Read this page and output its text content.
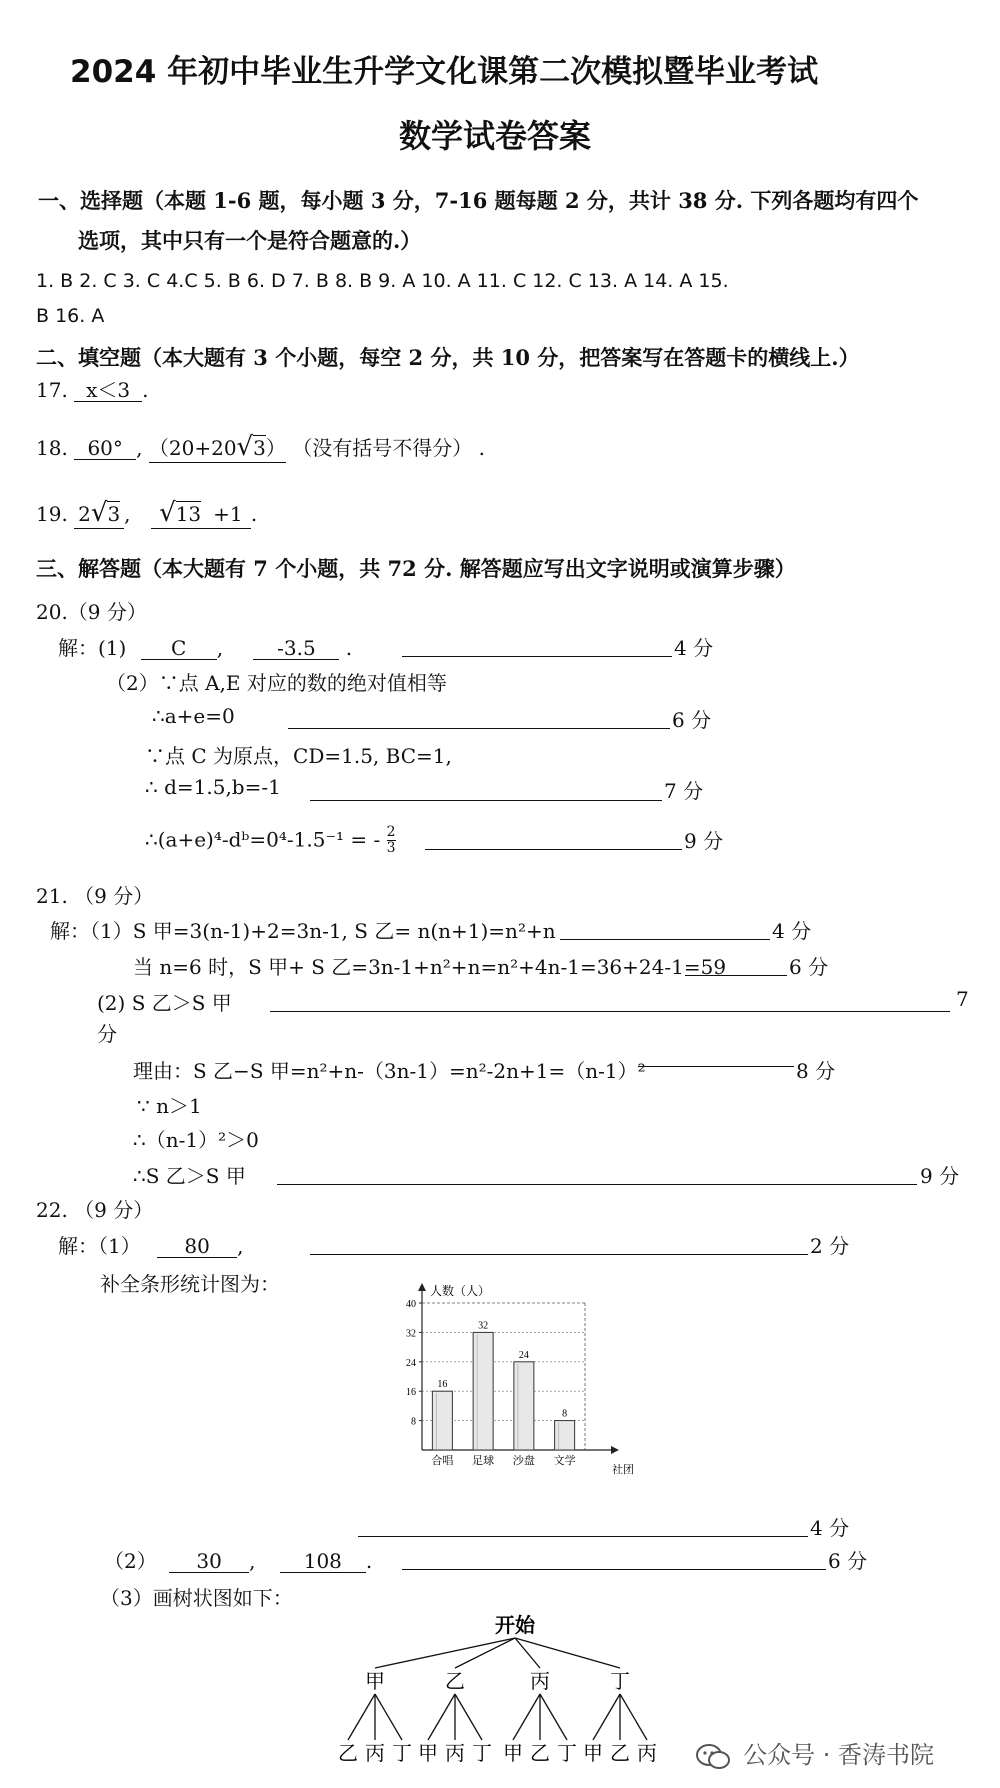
2024 年初中毕业生升学文化课第二次模拟暨毕业考试
数学试卷答案
一、选择题（本题 1-6 题，每小题 3 分，7-16 题每题 2 分，共计 38 分. 下列各题均有四个
选项，其中只有一个是符合题意的.）
1. B 2. C 3. C 4.C 5. B 6. D 7. B 8. B 9. A 10. A 11. C 12. C 13. A 14. A 15.
B 16. A
二、填空题（本大题有 3 个小题，每空 2 分，共 10 分，把答案写在答题卡的横线上.）
17. x＜3 .
18. 60° , （20+20√3） （没有括号不得分） .
19. 2√3 , √13 +1 .
三、解答题（本大题有 7 个小题，共 72 分. 解答题应写出文字说明或演算步骤）
20.（9 分）
解：(1) C ,	-3.5 .	4 分
（2）∵点 A,E 对应的数的绝对值相等
∴a+e=0	6 分
∵点 C 为原点，CD=1.5, BC=1,
∴ d=1.5,b=-1	7 分
∴(a+e)⁴-dᵇ=0⁴-1.5⁻¹ = - $\frac{2}{3}$	9 分
21. （9 分）
解：（1）S 甲=3(n-1)+2=3n-1, S 乙= n(n+1)=n²+n	4 分
当 n=6 时，S 甲+ S 乙=3n-1+n²+n=n²+4n-1=36+24-1=59	6 分
(2) S 乙＞S 甲	7
分
理由：S 乙−S 甲=n²+n-（3n-1）=n²-2n+1=（n-1）²	8 分
∵ n＞1
∴（n-1）²＞0
∴S 乙＞S 甲	9 分
22. （9 分）
解：（1） 80 ,	2 分
补全条形统计图为：	人数（人）
社团
8
16
24
32
40
16
合唱
32
足球
24
沙盘
8
文学
4 分
（2） 30 , 108 .	6 分
（3）画树状图如下：
开始
甲
乙 丙 丁
乙
甲 丙 丁
丙
甲 乙 丁
丁
甲 乙 丙	公众号 · 香涛书院
